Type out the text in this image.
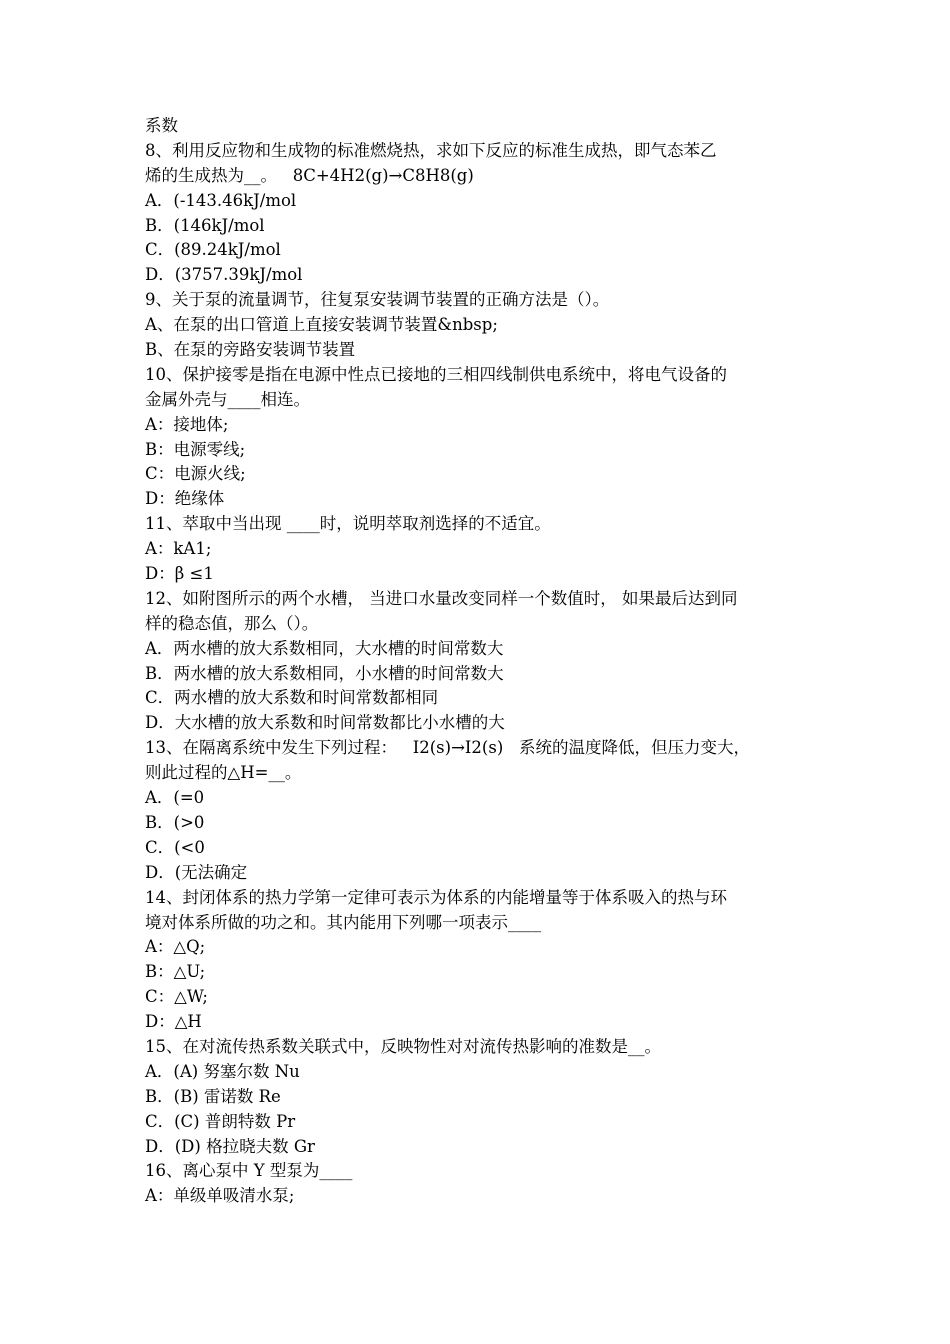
系数
8、利用反应物和生成物的标准燃烧热，求如下反应的标准生成热，即气态苯乙
烯的生成热为__。   8C+4H2(g)→C8H8(g)
A．(-143.46kJ/mol
B．(146kJ/mol
C．(89.24kJ/mol
D．(3757.39kJ/mol
9、关于泵的流量调节，往复泵安装调节装置的正确方法是（）。
A、在泵的出口管道上直接安装调节装置&nbsp;
B、在泵的旁路安装调节装置
10、保护接零是指在电源中性点已接地的三相四线制供电系统中，将电气设备的
金属外壳与____相连。
A：接地体;
B：电源零线;
C：电源火线;
D：绝缘体
11、萃取中当出现 ____时，说明萃取剂选择的不适宜。
A：kA1;
D：β ≤1
12、如附图所示的两个水槽， 当进口水量改变同样一个数值时， 如果最后达到同
样的稳态值，那么（）。
A．两水槽的放大系数相同，大水槽的时间常数大
B．两水槽的放大系数相同，小水槽的时间常数大
C．两水槽的放大系数和时间常数都相同
D．大水槽的放大系数和时间常数都比小水槽的大
13、在隔离系统中发生下列过程：   I2(s)→I2(s)   系统的温度降低，但压力变大，
则此过程的△H=__。
A．(=0
B．(>0
C．(<0
D．(无法确定
14、封闭体系的热力学第一定律可表示为体系的内能增量等于体系吸入的热与环
境对体系所做的功之和。其内能用下列哪一项表示____
A：△Q;
B：△U;
C：△W;
D：△H
15、在对流传热系数关联式中，反映物性对对流传热影响的准数是__。
A．(A) 努塞尔数 Nu
B．(B) 雷诺数 Re
C．(C) 普朗特数 Pr
D．(D) 格拉晓夫数 Gr
16、离心泵中 Y 型泵为____
A：单级单吸清水泵;
